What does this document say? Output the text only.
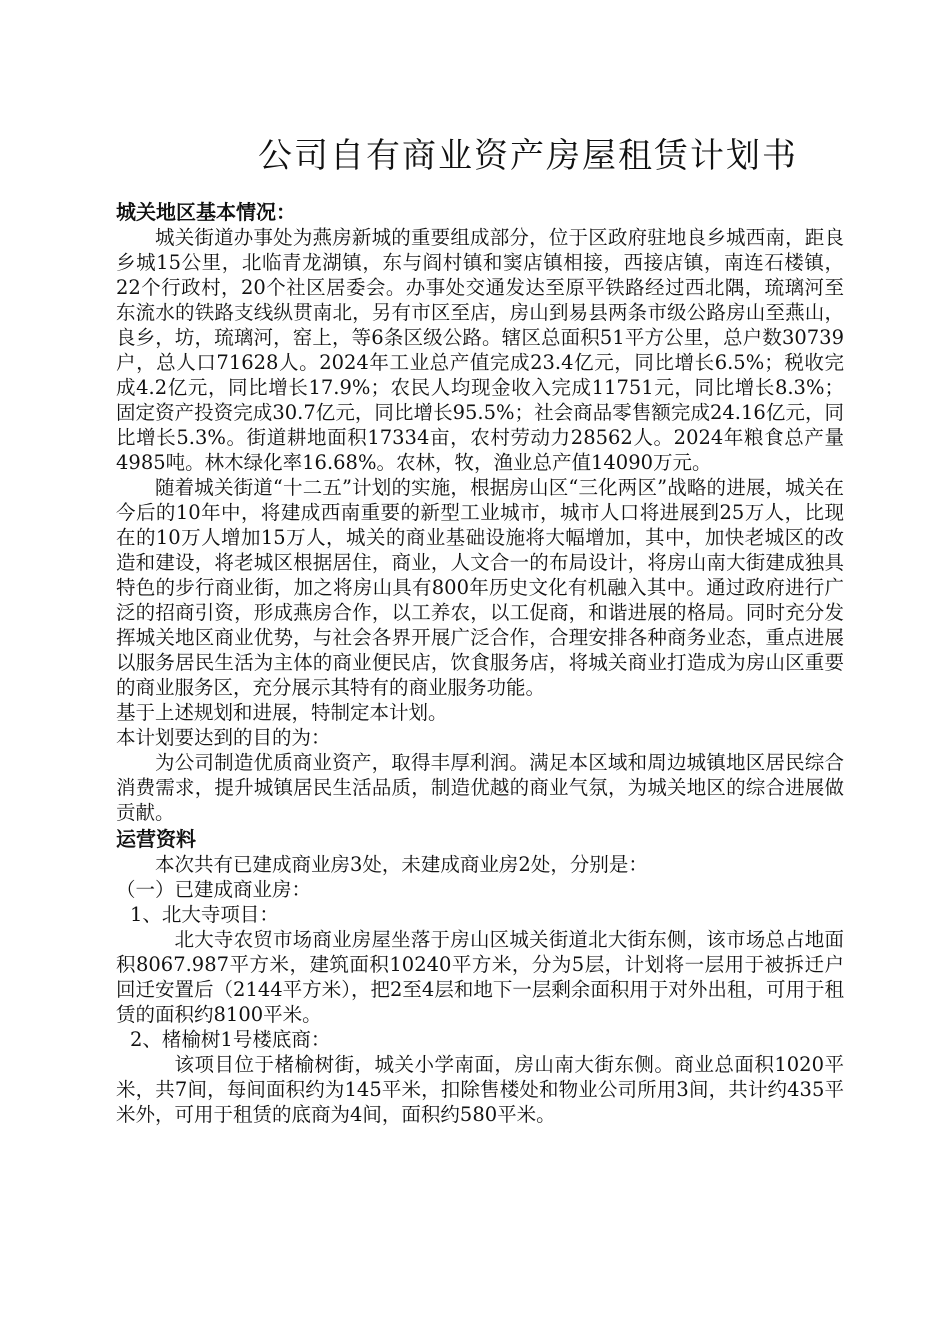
公司自有商业资产房屋租赁计划书

城关地区基本情况：

城关街道办事处为燕房新城的重要组成部分，位于区政府驻地良乡城西南，距良乡城15公里，北临青龙湖镇，东与阎村镇和窦店镇相接，西接店镇，南连石楼镇，22个行政村，20个社区居委会。办事处交通发达至原平铁路经过西北隅，琉璃河至东流水的铁路支线纵贯南北，另有市区至店，房山到易县两条市级公路房山至燕山，良乡，坊，琉璃河，窑上，等6条区级公路。辖区总面积51平方公里，总户数30739户，总人口71628人。2024年工业总产值完成23.4亿元，同比增长6.5%；税收完成4.2亿元，同比增长17.9%；农民人均现金收入完成11751元，同比增长8.3%；固定资产投资完成30.7亿元，同比增长95.5%；社会商品零售额完成24.16亿元，同比增长5.3%。街道耕地面积17334亩，农村劳动力28562人。2024年粮食总产量4985吨。林木绿化率16.68%。农林，牧，渔业总产值14090万元。

随着城关街道“十二五”计划的实施，根据房山区“三化两区”战略的进展，城关在今后的10年中，将建成西南重要的新型工业城市，城市人口将进展到25万人，比现在的10万人增加15万人，城关的商业基础设施将大幅增加，其中，加快老城区的改造和建设，将老城区根据居住，商业，人文合一的布局设计，将房山南大街建成独具特色的步行商业街，加之将房山具有800年历史文化有机融入其中。通过政府进行广泛的招商引资，形成燕房合作，以工养农，以工促商，和谐进展的格局。同时充分发挥城关地区商业优势，与社会各界开展广泛合作，合理安排各种商务业态，重点进展以服务居民生活为主体的商业便民店，饮食服务店，将城关商业打造成为房山区重要的商业服务区，充分展示其特有的商业服务功能。

基于上述规划和进展，特制定本计划。

本计划要达到的目的为：

为公司制造优质商业资产，取得丰厚利润。满足本区域和周边城镇地区居民综合消费需求，提升城镇居民生活品质，制造优越的商业气氛，为城关地区的综合进展做贡献。

运营资料

本次共有已建成商业房3处，未建成商业房2处，分别是：

（一）已建成商业房：

1、北大寺项目：

北大寺农贸市场商业房屋坐落于房山区城关街道北大街东侧，该市场总占地面积8067.987平方米，建筑面积10240平方米，分为5层，计划将一层用于被拆迁户回迁安置后（2144平方米），把2至4层和地下一层剩余面积用于对外出租，可用于租赁的面积约8100平米。

2、楮榆树1号楼底商：

该项目位于楮榆树街，城关小学南面，房山南大街东侧。商业总面积1020平米，共7间，每间面积约为145平米，扣除售楼处和物业公司所用3间，共计约435平米外，可用于租赁的底商为4间，面积约580平米。
